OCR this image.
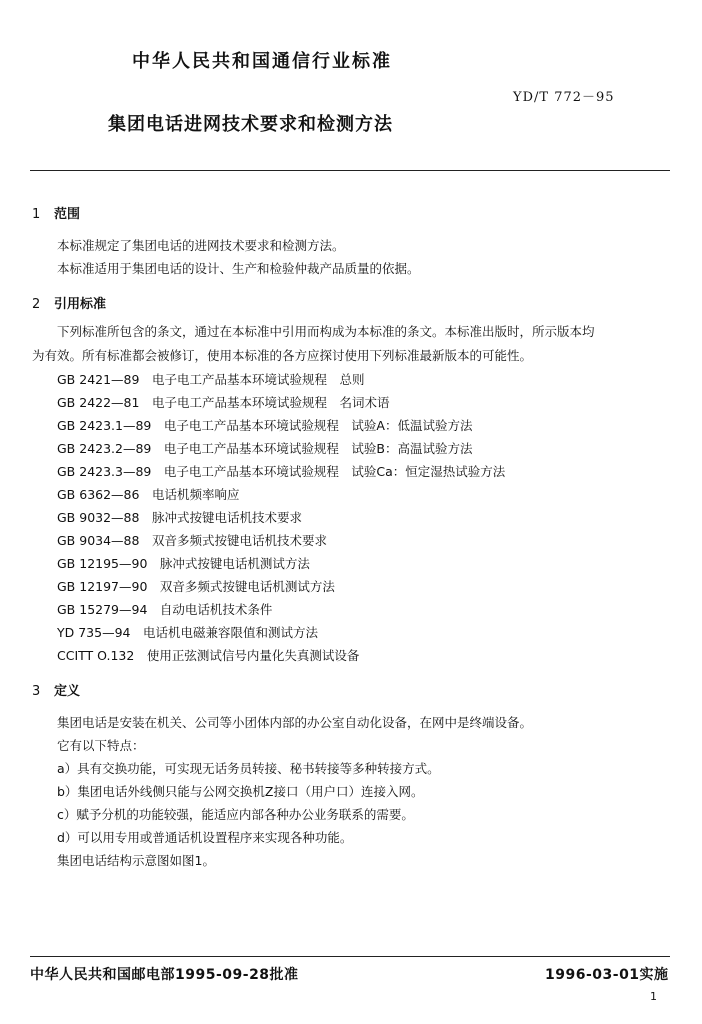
中华人民共和国通信行业标准
YD/T 772－95
集团电话进网技术要求和检测方法
1 范围
本标准规定了集团电话的进网技术要求和检测方法。
本标准适用于集团电话的设计、生产和检验仲裁产品质量的依据。
2 引用标准
下列标准所包含的条文，通过在本标准中引用而构成为本标准的条文。本标准出版时，所示版本均
为有效。所有标准都会被修订，使用本标准的各方应探讨使用下列标准最新版本的可能性。
GB 2421—89　 电子电工产品基本环境试验规程　总则
GB 2422—81　 电子电工产品基本环境试验规程　名词术语
GB 2423.1—89　 电子电工产品基本环境试验规程　试验A：低温试验方法
GB 2423.2—89　 电子电工产品基本环境试验规程　试验B：高温试验方法
GB 2423.3—89　 电子电工产品基本环境试验规程　试验Ca：恒定湿热试验方法
GB 6362—86　 电话机频率响应
GB 9032—88　 脉冲式按键电话机技术要求
GB 9034—88　 双音多频式按键电话机技术要求
GB 12195—90　 脉冲式按键电话机测试方法
GB 12197—90　 双音多频式按键电话机测试方法
GB 15279—94　 自动电话机技术条件
YD 735—94　 电话机电磁兼容限值和测试方法
CCITT O.132　 使用正弦测试信号内量化失真测试设备
3 定义
集团电话是安装在机关、公司等小团体内部的办公室自动化设备，在网中是终端设备。
它有以下特点：
a）具有交换功能，可实现无话务员转接、秘书转接等多种转接方式。
b）集团电话外线侧只能与公网交换机Z接口（用户口）连接入网。
c）赋予分机的功能较强，能适应内部各种办公业务联系的需要。
d）可以用专用或普通话机设置程序来实现各种功能。
集团电话结构示意图如图1。
中华人民共和国邮电部1995-09-28批准	1996-03-01实施
1
